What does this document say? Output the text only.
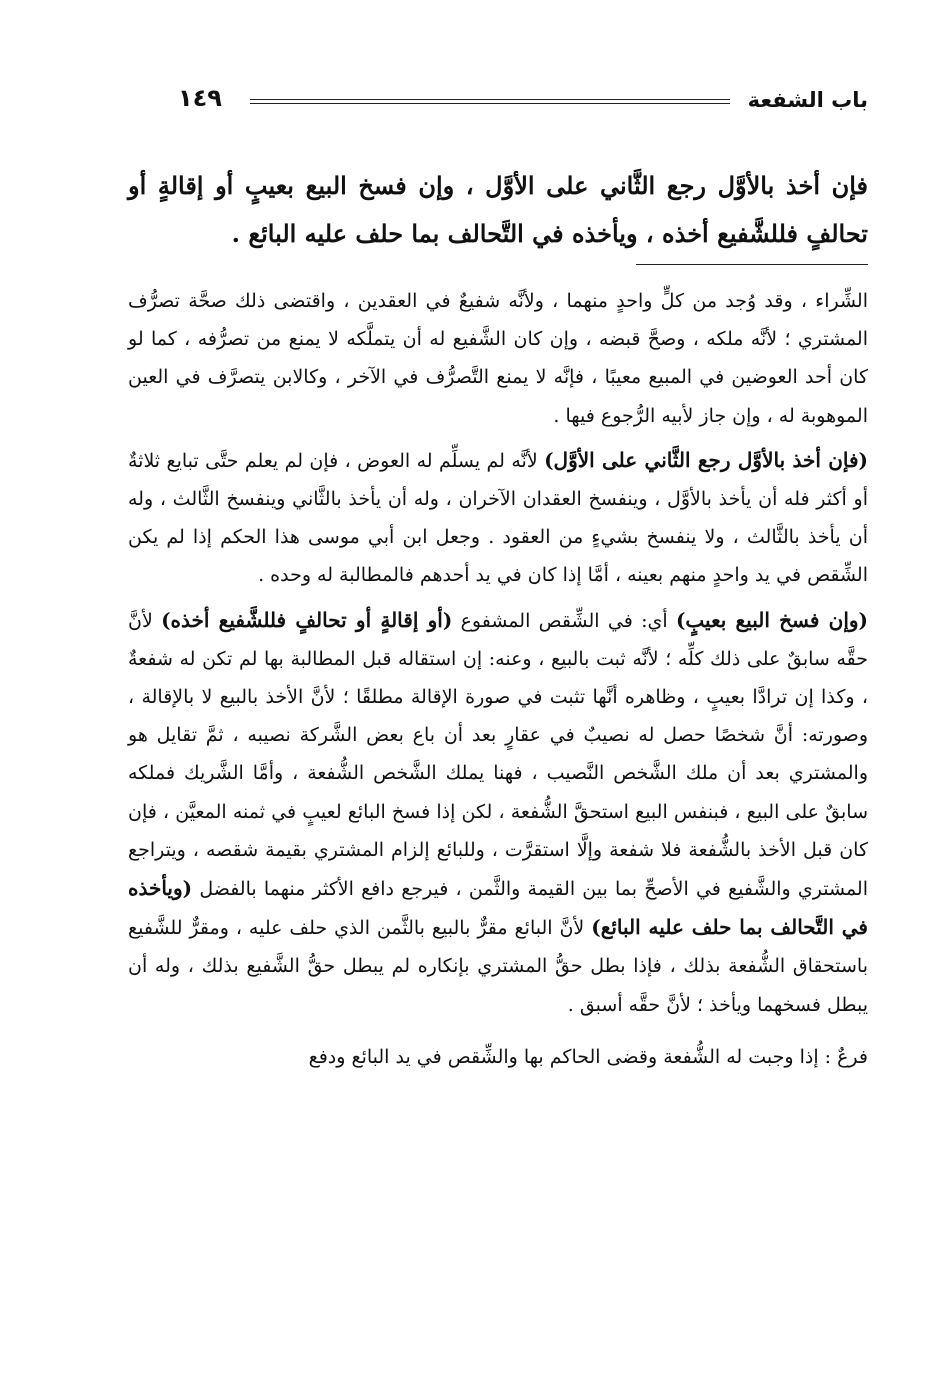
باب الشفعة
١٤٩

فإن أخذ بالأوَّل رجع الثَّاني على الأوَّل ، وإن فسخ البيع بعيبٍ أو إقالةٍ أو تحالفٍ فللشَّفيع أخذه ، ويأخذه في التَّحالف بما حلف عليه البائع .

الشِّراء ، وقد وُجد من كلٍّ واحدٍ منهما ، ولأنَّه شفيعٌ في العقدين ، واقتضى ذلك صحَّة تصرُّف المشتري ؛ لأنَّه ملكه ، وصحَّ قبضه ، وإن كان الشَّفيع له أن يتملَّكه لا يمنع من تصرُّفه ، كما لو كان أحد العوضين في المبيع معيبًا ، فإنَّه لا يمنع التَّصرُّف في الآخر ، وكالابن يتصرَّف في العين الموهوبة له ، وإن جاز لأبيه الرُّجوع فيها .

(فإن أخذ بالأوَّل رجع الثَّاني على الأوَّل) لأنَّه لم يسلِّم له العوض ، فإن لم يعلم حتَّى تبايع ثلاثةٌ أو أكثر فله أن يأخذ بالأوَّل ، وينفسخ العقدان الآخران ، وله أن يأخذ بالثَّاني وينفسخ الثَّالث ، وله أن يأخذ بالثَّالث ، ولا ينفسخ بشيءٍ من العقود . وجعل ابن أبي موسى هذا الحكم إذا لم يكن الشِّقص في يد واحدٍ منهم بعينه ، أمَّا إذا كان في يد أحدهم فالمطالبة له وحده .

(وإن فسخ البيع بعيبٍ) أي: في الشِّقص المشفوع (أو إقالةٍ أو تحالفٍ فللشَّفيع أخذه) لأنَّ حقَّه سابقٌ على ذلك كلِّه ؛ لأنَّه ثبت بالبيع ، وعنه: إن استقاله قبل المطالبة بها لم تكن له شفعةٌ ، وكذا إن ترادَّا بعيبٍ ، وظاهره أنَّها تثبت في صورة الإقالة مطلقًا ؛ لأنَّ الأخذ بالبيع لا بالإقالة ، وصورته: أنَّ شخصًا حصل له نصيبٌ في عقارٍ بعد أن باع بعض الشَّركة نصيبه ، ثمَّ تقايل هو والمشتري بعد أن ملك الشَّخص النَّصيب ، فهنا يملك الشَّخص الشُّفعة ، وأمَّا الشَّريك فملكه سابقٌ على البيع ، فبنفس البيع استحقَّ الشُّفعة ، لكن إذا فسخ البائع لعيبٍ في ثمنه المعيَّن ، فإن كان قبل الأخذ بالشُّفعة فلا شفعة وإلَّا استقرَّت ، وللبائع إلزام المشتري بقيمة شقصه ، ويتراجع المشتري والشَّفيع في الأصحِّ بما بين القيمة والثَّمن ، فيرجع دافع الأكثر منهما بالفضل (ويأخذه في التَّحالف بما حلف عليه البائع) لأنَّ البائع مقرٌّ بالبيع بالثَّمن الذي حلف عليه ، ومقرٌّ للشَّفيع باستحقاق الشُّفعة بذلك ، فإذا بطل حقُّ المشتري بإنكاره لم يبطل حقُّ الشَّفيع بذلك ، وله أن يبطل فسخهما ويأخذ ؛ لأنَّ حقَّه أسبق .

فرعٌ : إذا وجبت له الشُّفعة وقضى الحاكم بها والشِّقص في يد البائع ودفع
